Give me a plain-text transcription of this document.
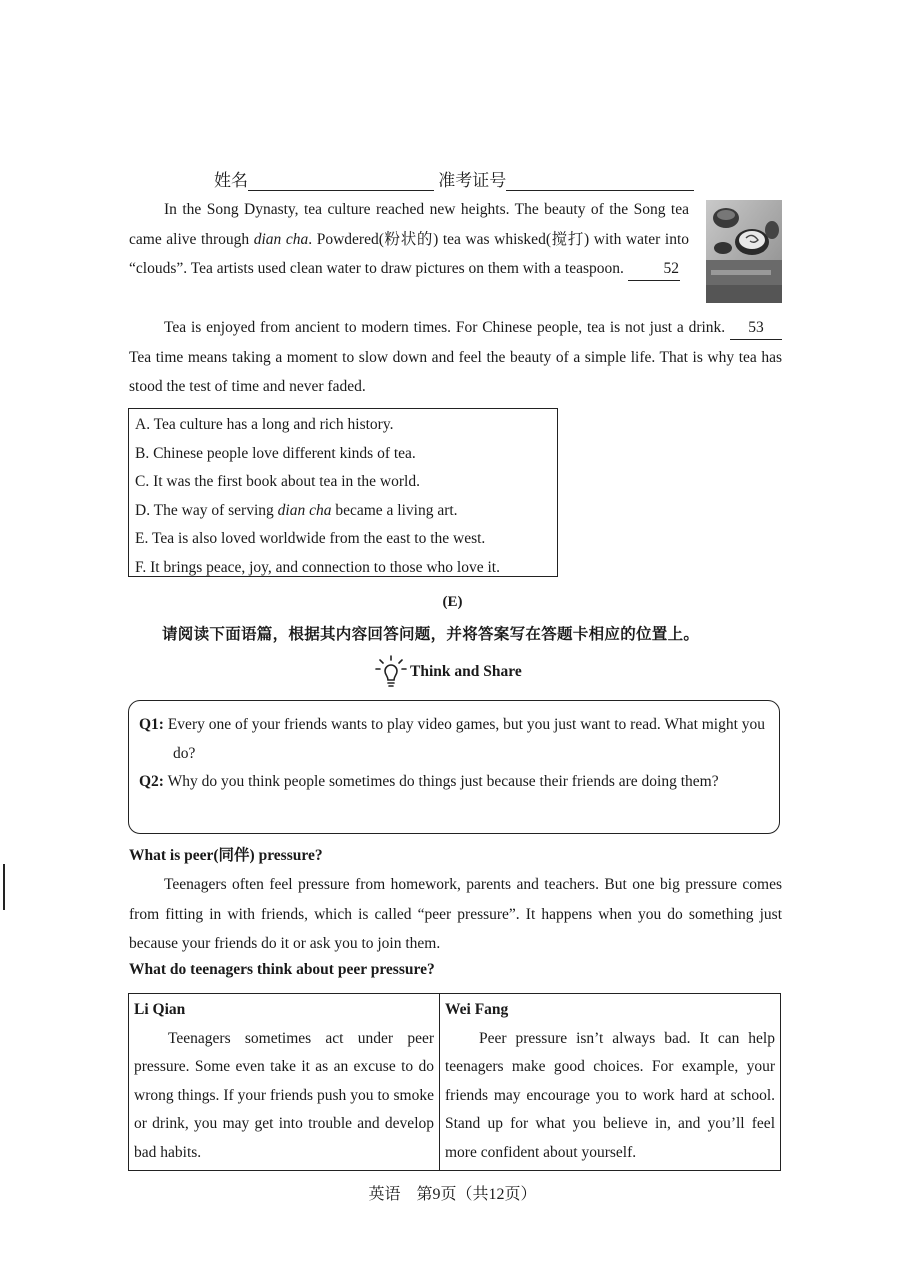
姓名	准考证号
In the Song Dynasty, tea culture reached new heights. The beauty of the Song tea came alive through dian cha. Powdered(粉状的) tea was whisked(搅打) with water into “clouds”. Tea artists used clean water to draw pictures on them with a teaspoon. 52
Tea is enjoyed from ancient to modern times. For Chinese people, tea is not just a drink. 53 Tea time means taking a moment to slow down and feel the beauty of a simple life. That is why tea has stood the test of time and never faded.
A. Tea culture has a long and rich history.
B. Chinese people love different kinds of tea.
C. It was the first book about tea in the world.
D. The way of serving dian cha became a living art.
E. Tea is also loved worldwide from the east to the west.
F. It brings peace, joy, and connection to those who love it.
(E)
请阅读下面语篇，根据其内容回答问题，并将答案写在答题卡相应的位置上。
Think and Share
Q1: Every one of your friends wants to play video games, but you just want to read. What might you do?
Q2: Why do you think people sometimes do things just because their friends are doing them?
What is peer(同伴) pressure?
Teenagers often feel pressure from homework, parents and teachers. But one big pressure comes from fitting in with friends, which is called “peer pressure”. It happens when you do something just because your friends do it or ask you to join them.
What do teenagers think about peer pressure?
Li Qian
Teenagers sometimes act under peer pressure. Some even take it as an excuse to do wrong things. If your friends push you to smoke or drink, you may get into trouble and develop bad habits.

Wei Fang
Peer pressure isn’t always bad. It can help teenagers make good choices. For example, your friends may encourage you to work hard at school. Stand up for what you believe in, and you’ll feel more confident about yourself.
英语　第9页（共12页）
